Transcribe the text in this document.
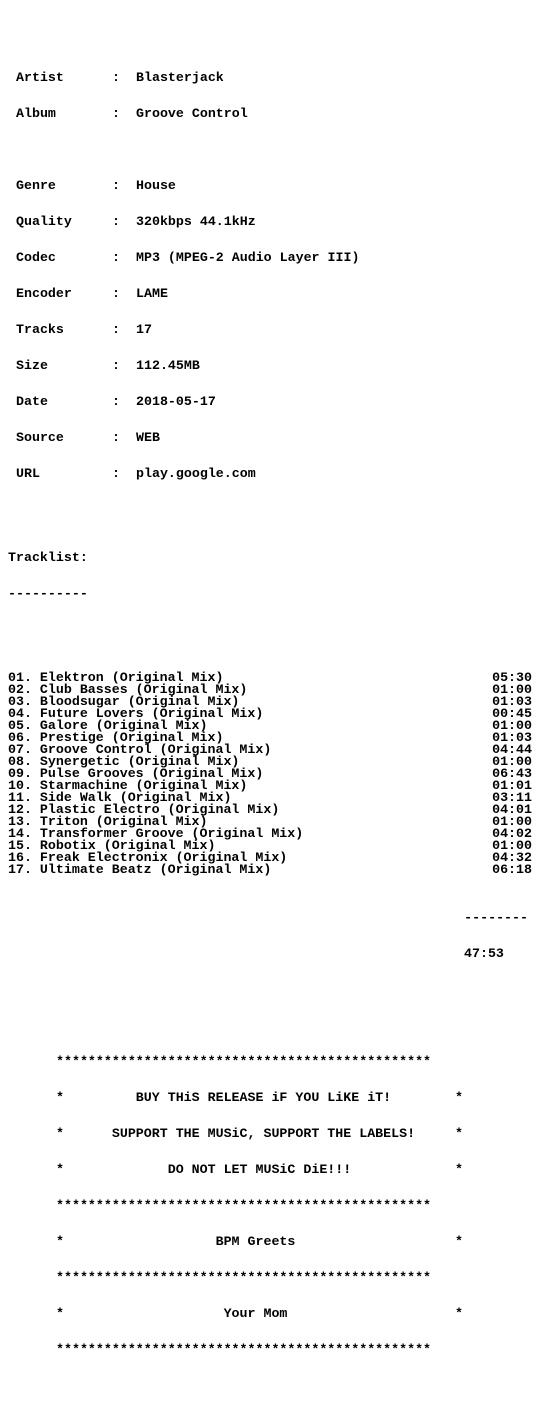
Artist	: Blasterjack

Album	: Groove Control

Genre	: House

Quality	: 320kbps 44.1kHz

Codec	: MP3 (MPEG-2 Audio Layer III)

Encoder	: LAME

Tracks	: 17

Size	: 112.45MB

Date	: 2018-05-17

Source	: WEB

URL	: play.google.com

Tracklist:

----------

01. Elektron (Original Mix)	05:30
02. Club Basses (Original Mix)	01:00
03. Bloodsugar (Original Mix)	01:03
04. Future Lovers (Original Mix)	00:45
05. Galore (Original Mix)	01:00
06. Prestige (Original Mix)	01:03
07. Groove Control (Original Mix)	04:44
08. Synergetic (Original Mix)	01:00
09. Pulse Grooves (Original Mix)	06:43
10. Starmachine (Original Mix)	01:01
11. Side Walk (Original Mix)	03:11
12. Plastic Electro (Original Mix)	04:01
13. Triton (Original Mix)	01:00
14. Transformer Groove (Original Mix)	04:02
15. Robotix (Original Mix)	01:00
16. Freak Electronix (Original Mix)	04:32
17. Ultimate Beatz (Original Mix)	06:18

--------

47:53

***********************************************

*         BUY THiS RELEASE iF YOU LiKE iT!        *

*      SUPPORT THE MUSiC, SUPPORT THE LABELS!     *

*             DO NOT LET MUSiC DiE!!!             *

***********************************************

*                   BPM Greets                    *

***********************************************

*                    Your Mom                     *

***********************************************
